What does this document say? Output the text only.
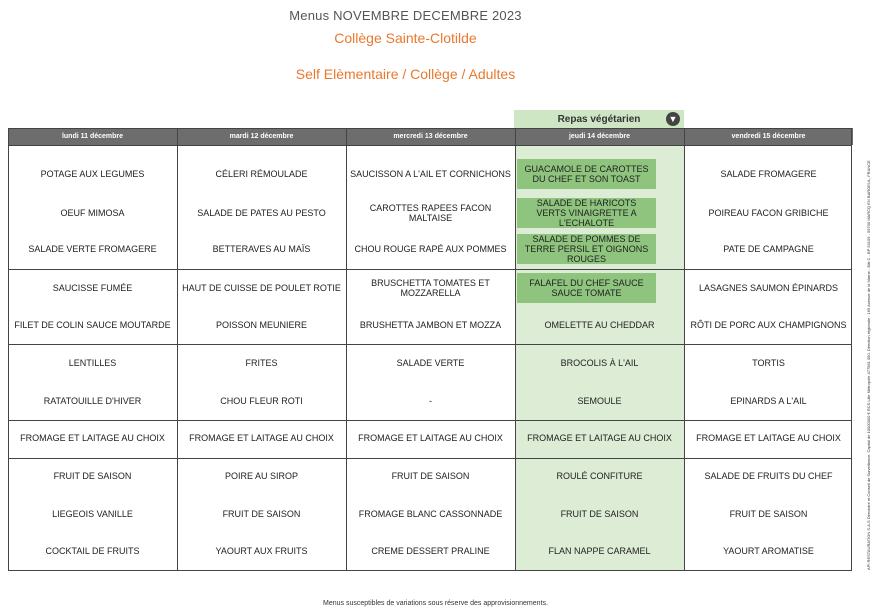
Menus NOVEMBRE DECEMBRE 2023
Collège Sainte-Clotilde
Self Elèmentaire / Collège / Adultes
Repas végétarien	▼
lundi 11 décembre
POTAGE AUX LEGUMES
OEUF MIMOSA
SALADE VERTE FROMAGERE
SAUCISSE FUMÉE
FILET DE COLIN SAUCE MOUTARDE
LENTILLES
RATATOUILLE D'HIVER
FROMAGE ET LAITAGE AU CHOIX
FRUIT DE SAISON
LIEGEOIS VANILLE
COCKTAIL DE FRUITS
mardi 12 décembre
CÉLERI RÉMOULADE
SALADE DE PATES AU PESTO
BETTERAVES AU MAÏS
HAUT DE CUISSE DE POULET ROTIE
POISSON MEUNIERE
FRITES
CHOU FLEUR ROTI
FROMAGE ET LAITAGE AU CHOIX
POIRE AU SIROP
FRUIT DE SAISON
YAOURT AUX FRUITS
mercredi 13 décembre
SAUCISSON A L'AIL ET CORNICHONS
CAROTTES RAPEES FACON MALTAISE
CHOU ROUGE RAPÉ AUX POMMES
BRUSCHETTA TOMATES ET MOZZARELLA
BRUSHETTA JAMBON ET MOZZA
SALADE VERTE
-
FROMAGE ET LAITAGE AU CHOIX
FRUIT DE SAISON
FROMAGE BLANC CASSONNADE
CREME DESSERT PRALINE
jeudi 14 décembre
GUACAMOLE DE CAROTTES DU CHEF ET SON TOAST
SALADE DE HARICOTS VERTS VINAIGRETTE A L'ECHALOTE
SALADE DE POMMES DE TERRE PERSIL ET OIGNONS ROUGES
FALAFEL DU CHEF SAUCE SAUCE TOMATE
OMELETTE AU CHEDDAR
BROCOLIS À L'AIL
SEMOULE
FROMAGE ET LAITAGE AU CHOIX
ROULÉ CONFITURE
FRUIT DE SAISON
FLAN NAPPE CARAMEL
vendredi 15 décembre
SALADE FROMAGERE
POIREAU FACON GRIBICHE
PATE DE CAMPAGNE
LASAGNES SAUMON ÉPINARDS
RÔTI DE PORC AUX CHAMPIGNONS
TORTIS
EPINARDS A L'AIL
FROMAGE ET LAITAGE AU CHOIX
SALADE DE FRUITS DU CHEF
FRUIT DE SAISON
YAOURT AROMATISE
Menus susceptibles de variations sous réserve des approvisionnements.
API RESTAURATION S.A.S Directoire et Conseil de Surveillance. Capital de 10000000 € RCS Lille Métropole 477581 050. Direction régionale : 165 Avenue de la Marne - Bât C - BP 53109 - 59700 MARCQ EN BAROEUL, FRANCE
